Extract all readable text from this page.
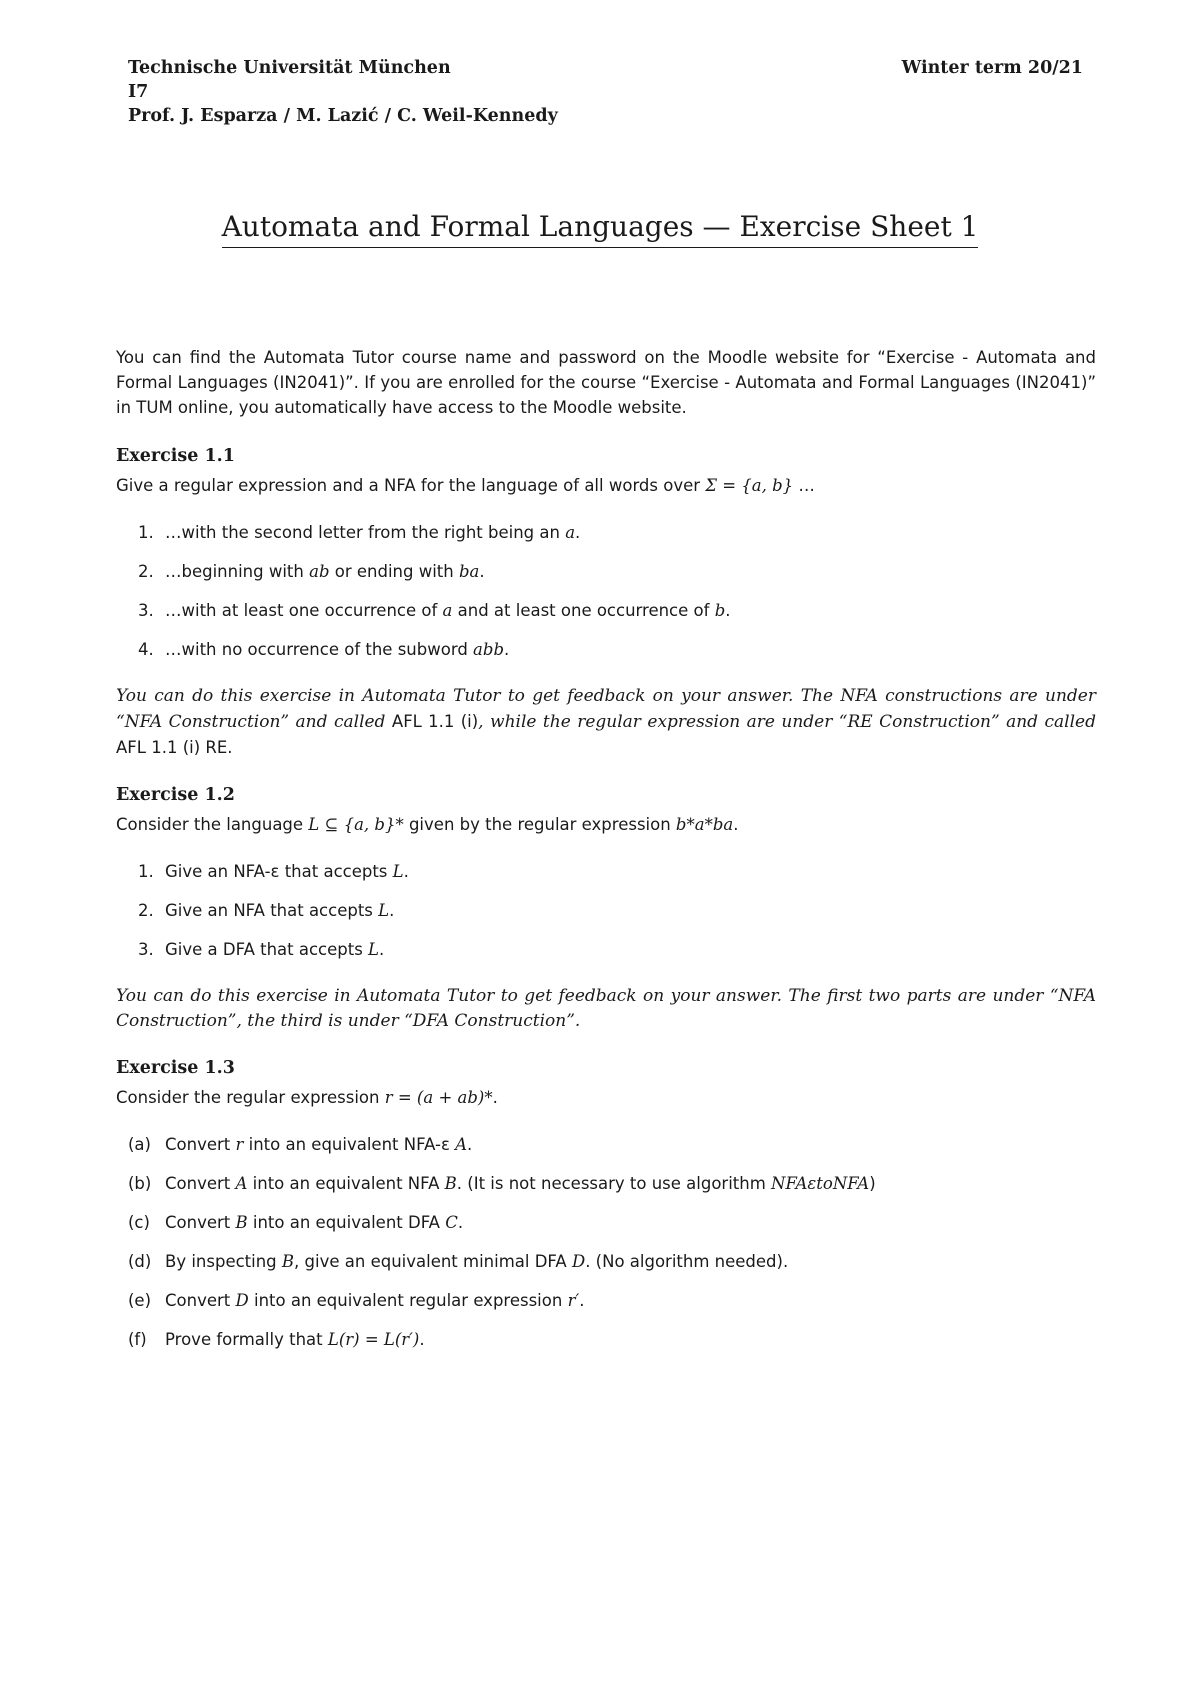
Technische Universität München
I7
Prof. J. Esparza / M. Lazić / C. Weil-Kennedy
Winter term 20/21
Automata and Formal Languages — Exercise Sheet 1

You can find the Automata Tutor course name and password on the Moodle website for “Exercise - Automata and Formal Languages (IN2041)”. If you are enrolled for the course “Exercise - Automata and Formal Languages (IN2041)” in TUM online, you automatically have access to the Moodle website.

Exercise 1.1
Give a regular expression and a NFA for the language of all words over Σ = {a, b} …
1. …with the second letter from the right being an a.
2. …beginning with ab or ending with ba.
3. …with at least one occurrence of a and at least one occurrence of b.
4. …with no occurrence of the subword abb.

You can do this exercise in Automata Tutor to get feedback on your answer. The NFA constructions are under “NFA Construction” and called AFL 1.1 (i), while the regular expression are under “RE Construction” and called AFL 1.1 (i) RE.

Exercise 1.2
Consider the language L ⊆ {a, b}* given by the regular expression b*a*ba.
1. Give an NFA-ε that accepts L.
2. Give an NFA that accepts L.
3. Give a DFA that accepts L.

You can do this exercise in Automata Tutor to get feedback on your answer. The first two parts are under “NFA Construction”, the third is under “DFA Construction”.

Exercise 1.3
Consider the regular expression r = (a + ab)*.
(a) Convert r into an equivalent NFA-ε A.
(b) Convert A into an equivalent NFA B. (It is not necessary to use algorithm NFAεtoNFA)
(c) Convert B into an equivalent DFA C.
(d) By inspecting B, give an equivalent minimal DFA D. (No algorithm needed).
(e) Convert D into an equivalent regular expression r′.
(f) Prove formally that L(r) = L(r′).
